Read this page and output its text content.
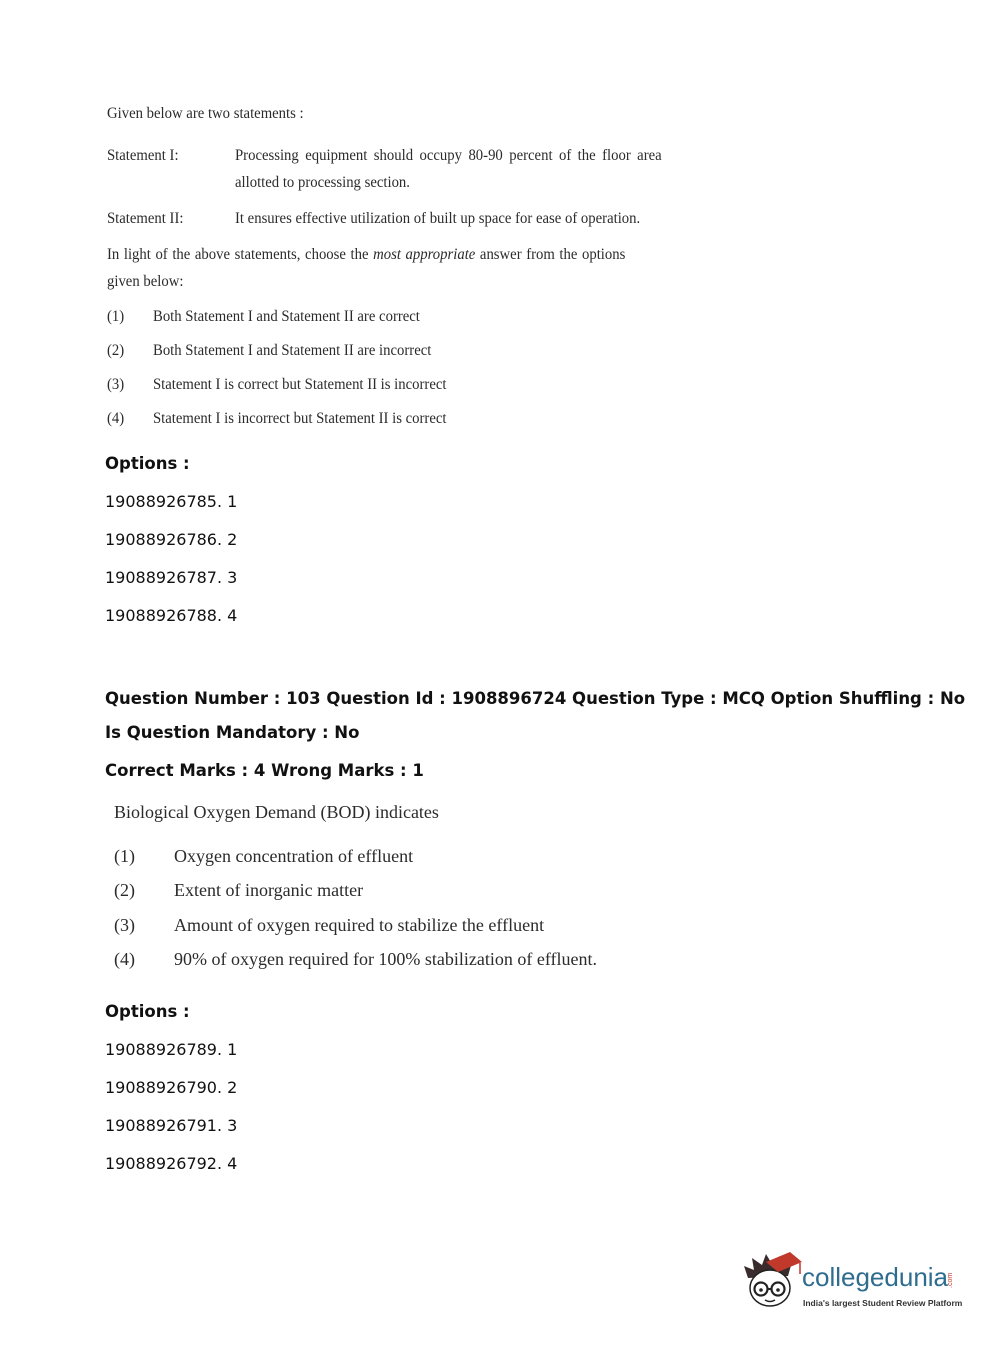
Given below are two statements :
Statement I:	Processing equipment should occupy 80-90 percent of the floor area
allotted to processing section.
Statement II:	It ensures effective utilization of built up space for ease of operation.
In light of the above statements, choose the most appropriate answer from the options
given below:
(1) Both Statement I and Statement II are correct
(2) Both Statement I and Statement II are incorrect
(3) Statement I is correct but Statement II is incorrect
(4) Statement I is incorrect but Statement II is correct
Options :
19088926785. 1
19088926786. 2
19088926787. 3
19088926788. 4
Question Number : 103 Question Id : 1908896724 Question Type : MCQ Option Shuffling : No
Is Question Mandatory : No
Correct Marks : 4 Wrong Marks : 1
Biological Oxygen Demand (BOD) indicates
(1) Oxygen concentration of effluent
(2) Extent of inorganic matter
(3) Amount of oxygen required to stabilize the effluent
(4) 90% of oxygen required for 100% stabilization of effluent.
Options :
19088926789. 1
19088926790. 2
19088926791. 3
19088926792. 4
collegedunia.com
India's largest Student Review Platform
